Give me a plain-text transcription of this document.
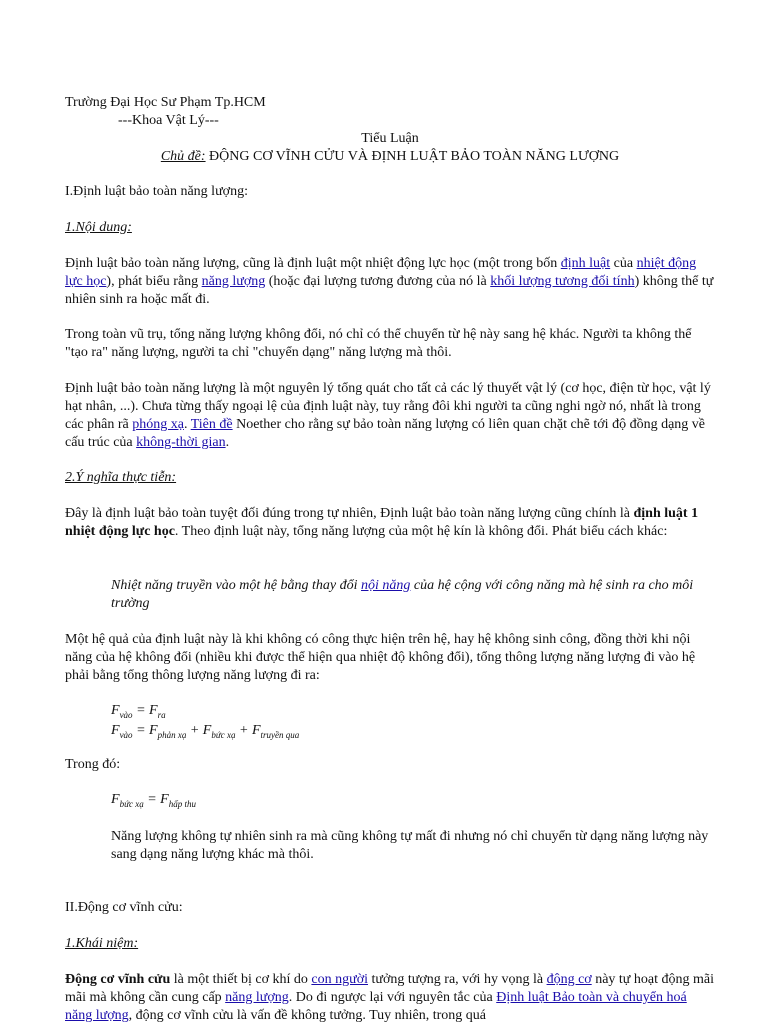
Trường Đại Học Sư Phạm Tp.HCM

---Khoa Vật Lý---

Tiểu Luận

Chủ đề: ĐỘNG CƠ VĨNH CỬU VÀ ĐỊNH LUẬT BẢO TOÀN NĂNG LƯỢNG

I.Định luật bảo toàn năng lượng:

1.Nội dung:

Định luật bảo toàn năng lượng, cũng là định luật một nhiệt động lực học (một trong bốn định luật của nhiệt động lực học), phát biểu rằng năng lượng (hoặc đại lượng tương đương của nó là khối lượng tương đối tính) không thể tự nhiên sinh ra hoặc mất đi.

Trong toàn vũ trụ, tổng năng lượng không đổi, nó chỉ có thể chuyển từ hệ này sang hệ khác. Người ta không thể "tạo ra" năng lượng, người ta chỉ "chuyển dạng" năng lượng mà thôi.

Định luật bảo toàn năng lượng là một nguyên lý tổng quát cho tất cả các lý thuyết vật lý (cơ học, điện từ học, vật lý hạt nhân, ...). Chưa từng thấy ngoại lệ của định luật này, tuy rằng đôi khi người ta cũng nghi ngờ nó, nhất là trong các phân rã phóng xạ. Tiên đề Noether cho rằng sự bảo toàn năng lượng có liên quan chặt chẽ tới độ đồng dạng về cấu trúc của không-thời gian.

2.Ý nghĩa thực tiễn:

Đây là định luật bảo toàn tuyệt đối đúng trong tự nhiên, Định luật bảo toàn năng lượng cũng chính là định luật 1 nhiệt động lực học. Theo định luật này, tổng năng lượng của một hệ kín là không đổi. Phát biểu cách khác:

Nhiệt năng truyền vào một hệ bằng thay đổi nội năng của hệ cộng với công năng mà hệ sinh ra cho môi trường

Một hệ quả của định luật này là khi không có công thực hiện trên hệ, hay hệ không sinh công, đồng thời khi nội năng của hệ không đổi (nhiều khi được thể hiện qua nhiệt độ không đổi), tổng thông lượng năng lượng đi vào hệ phải bằng tổng thông lượng năng lượng đi ra:

$F_{vào} = F_{ra}$
$F_{vào} = F_{phản xạ} + F_{bức xạ} + F_{truyền qua}$

Trong đó:

$F_{bức xạ} = F_{hấp thu}$

Năng lượng không tự nhiên sinh ra mà cũng không tự mất đi nhưng nó chỉ chuyển từ dạng năng lượng này sang dạng năng lượng khác mà thôi.

II.Động cơ vĩnh cửu:

1.Khái niệm:

Động cơ vĩnh cửu là một thiết bị cơ khí do con người tưởng tượng ra, với hy vọng là động cơ này tự hoạt động mãi mãi mà không cần cung cấp năng lượng. Do đi ngược lại với nguyên tắc của Định luật Bảo toàn và chuyển hoá năng lượng, động cơ vĩnh cửu là vấn đề không tưởng. Tuy nhiên, trong quá
